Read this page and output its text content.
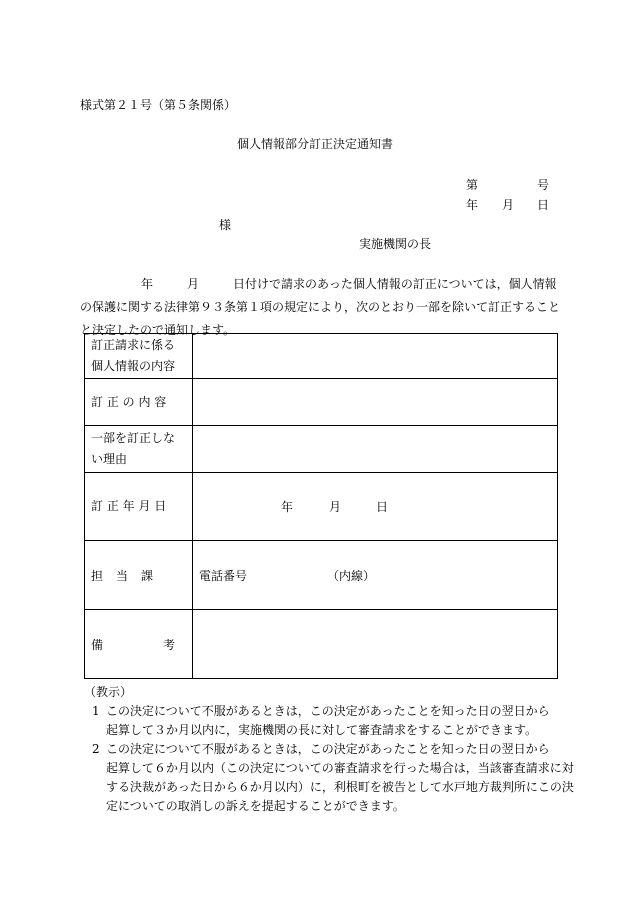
様式第２１号（第５条関係）
個人情報部分訂正決定通知書
第	号
年 月 日
様
実施機関の長
年	月	日付けで請求のあった個人情報の訂正については，個人情報
の保護に関する法律第９３条第１項の規定により，次のとおり一部を除いて訂正すること
と決定したので通知します。
訂正請求に係る
個人情報の内容	

訂 正 の 内 容	

一部を訂正しな
い理由	

訂 正 年 月 日	年 月 日

担 当 課	電話番号 （内線）

備 考	

（教示）
1 この決定について不服があるときは，この決定があったことを知った日の翌日から
起算して３か月以内に，実施機関の長に対して審査請求をすることができます。
2 この決定について不服があるときは，この決定があったことを知った日の翌日から
起算して６か月以内（この決定についての審査請求を行った場合は，当該審査請求に対
する決裁があった日から６か月以内）に，利根町を被告として水戸地方裁判所にこの決
定についての取消しの訴えを提起することができます。
